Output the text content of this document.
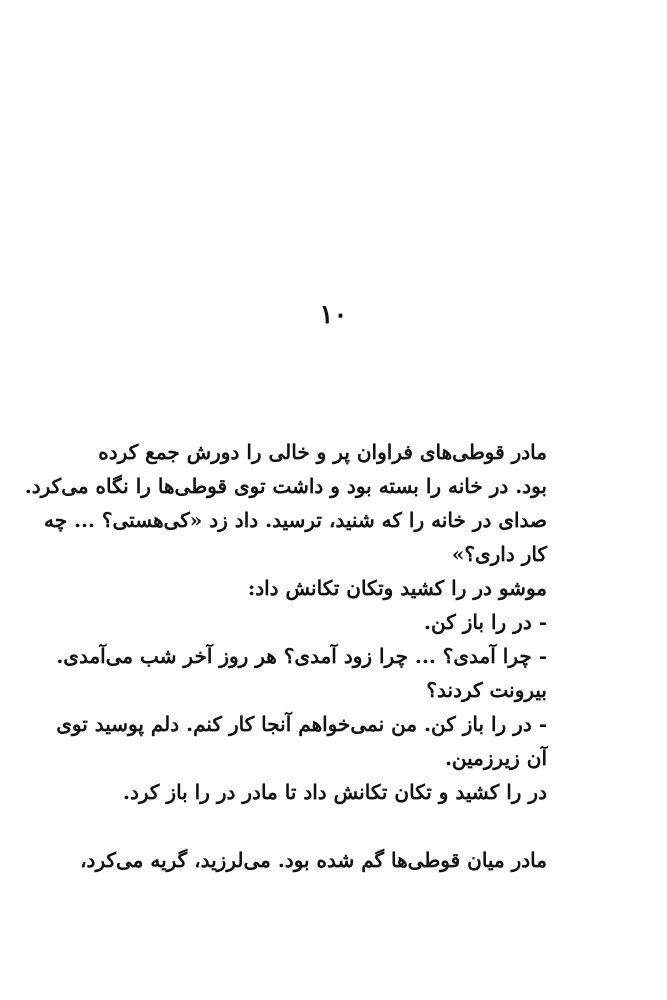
۱۰
مادر قوطی‌های فراوان پر و خالی را دورش جمع کرده
بود. در خانه را بسته بود و داشت توی قوطی‌ها را نگاه می‌کرد.
صدای در خانه را که شنید، ترسید. داد زد «کی‌هستی؟ ... چه
کار داری؟»
موشو در را کشید وتکان تکانش داد:
- در را باز کن.
- چرا آمدی؟ ... چرا زود آمدی؟ هر روز آخر شب می‌آمدی.
بیرونت کردند؟
- در را باز کن. من نمی‌خواهم آنجا کار کنم. دلم پوسید توی
آن زیرزمین.
در را کشید و تکان تکانش داد تا مادر در را باز کرد.
مادر میان قوطی‌ها گم شده بود. می‌لرزید، گریه می‌کرد،
